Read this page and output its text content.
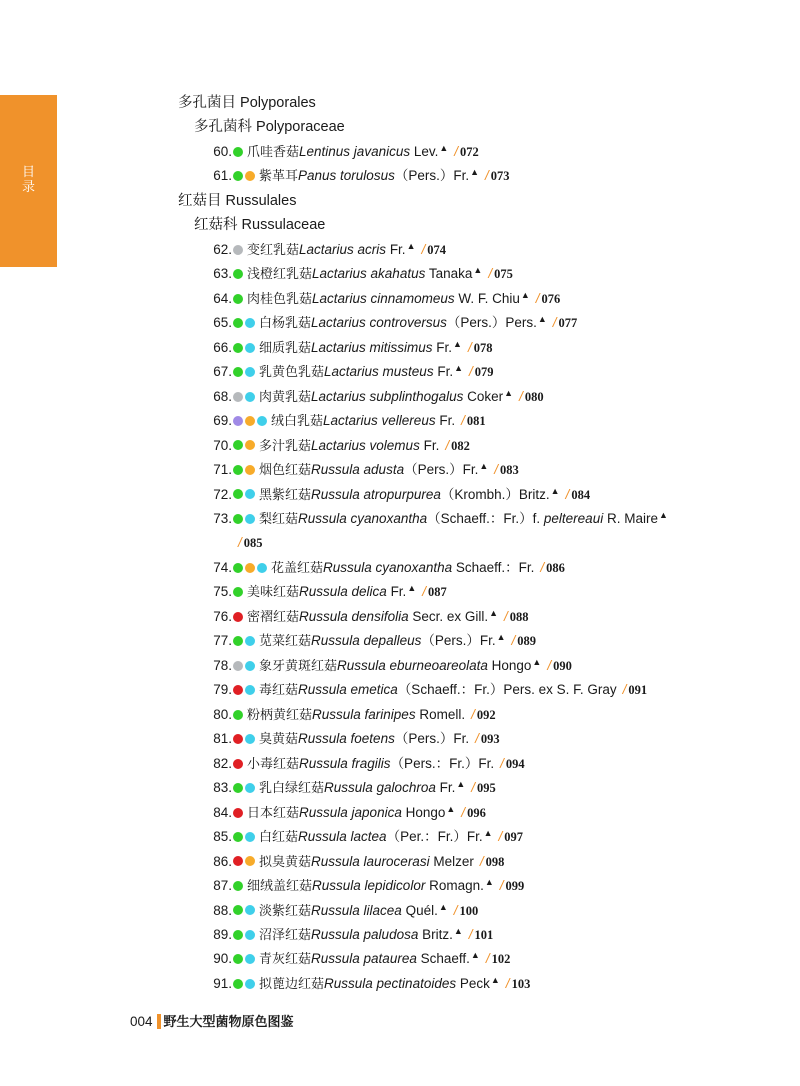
目录
多孔菌目 Polyporales
多孔菌科 Polyporaceae
60. 爪哇香菇Lentinus javanicus Lev.▲ / 072
61. 紫革耳Panus torulosus（Pers.）Fr.▲ / 073
红菇目 Russulales
红菇科 Russulaceae
62. 变红乳菇Lactarius acris Fr.▲ / 074
63. 浅橙红乳菇Lactarius akahatus Tanaka▲ / 075
64. 肉桂色乳菇Lactarius cinnamomeus W. F. Chiu▲ / 076
65. 白杨乳菇Lactarius controversus（Pers.）Pers.▲ / 077
66. 细质乳菇Lactarius mitissimus Fr.▲ / 078
67. 乳黄色乳菇Lactarius musteus Fr.▲ / 079
68. 肉黄乳菇Lactarius subplinthogalus Coker▲ / 080
69.	绒白乳菇Lactarius vellereus Fr. / 081
70. 多汁乳菇Lactarius volemus Fr. / 082
71. 烟色红菇Russula adusta（Pers.）Fr.▲ / 083
72. 黑紫红菇Russula atropurpurea（Krombh.）Britz.▲ / 084
73. 梨红菇Russula cyanoxantha（Schaeff.：Fr.）f. peltereaui R. Maire▲
/ 085
74.	花盖红菇Russula cyanoxantha Schaeff.：Fr. / 086
75. 美味红菇Russula delica Fr.▲ / 087
76. 密褶红菇Russula densifolia Secr. ex Gill.▲ / 088
77. 苋菜红菇Russula depalleus（Pers.）Fr.▲ / 089
78. 象牙黄斑红菇Russula eburneoareolata Hongo▲ / 090
79. 毒红菇Russula emetica（Schaeff.：Fr.）Pers. ex S. F. Gray / 091
80. 粉柄黄红菇Russula farinipes Romell. / 092
81. 臭黄菇Russula foetens（Pers.）Fr. / 093
82. 小毒红菇Russula fragilis（Pers.：Fr.）Fr. / 094
83. 乳白绿红菇Russula galochroa Fr.▲ / 095
84. 日本红菇Russula japonica Hongo▲ / 096
85. 白红菇Russula lactea（Per.：Fr.）Fr.▲ / 097
86. 拟臭黄菇Russula laurocerasi Melzer / 098
87. 细绒盖红菇Russula lepidicolor Romagn.▲ / 099
88. 淡紫红菇Russula lilacea Quél.▲ / 100
89. 沼泽红菇Russula paludosa Britz.▲ / 101
90. 青灰红菇Russula pataurea Schaeff.▲ / 102
91. 拟蓖边红菇Russula pectinatoides Peck▲ / 103
004 野生大型菌物原色图鉴
